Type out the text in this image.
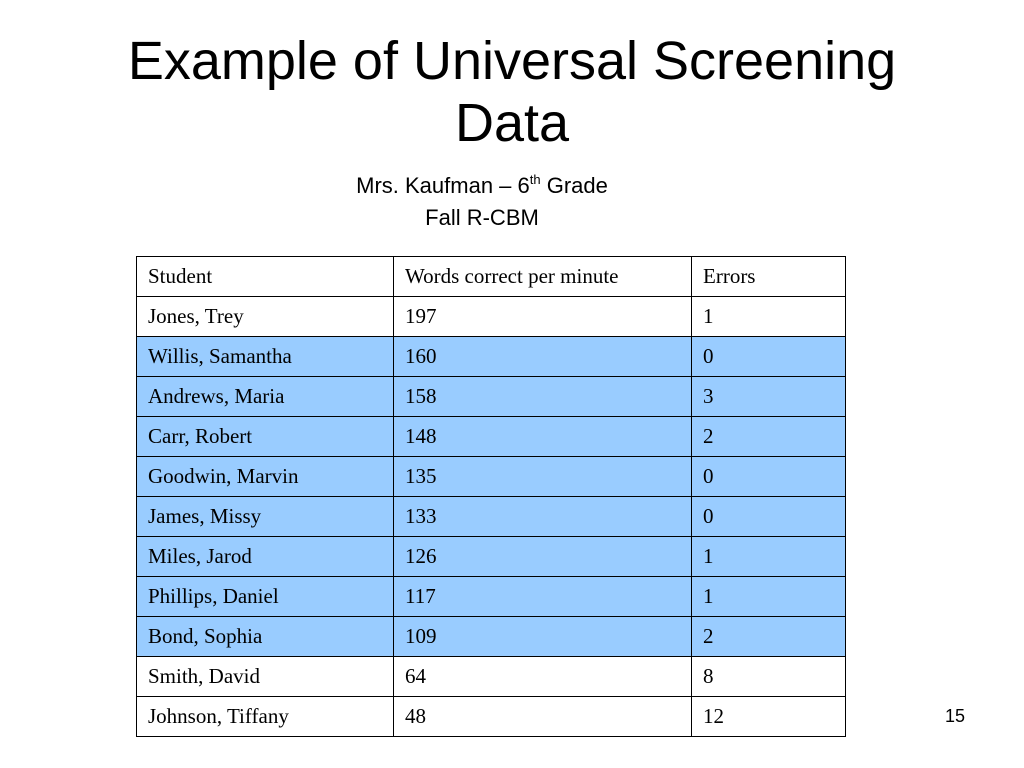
Example of Universal Screening
Data
Mrs. Kaufman – 6th Grade
Fall R-CBM
Student	Words correct per minute	Errors
Jones, Trey	197	1
Willis, Samantha	160	0
Andrews, Maria	158	3
Carr, Robert	148	2
Goodwin, Marvin	135	0
James, Missy	133	0
Miles, Jarod	126	1
Phillips, Daniel	117	1
Bond, Sophia	109	2
Smith, David	64	8
Johnson, Tiffany	48	12	15
